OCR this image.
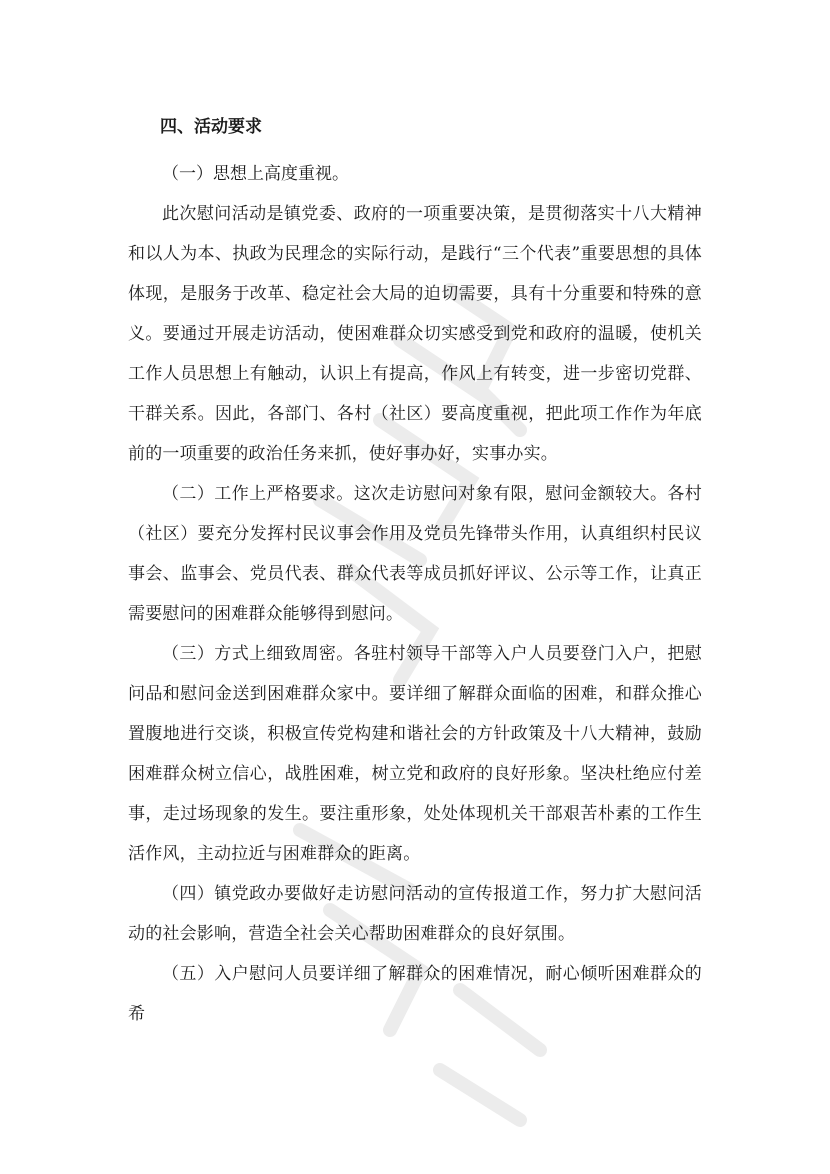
四、活动要求

（一）思想上高度重视。

此次慰问活动是镇党委、政府的一项重要决策，是贯彻落实十八大精神和以人为本、执政为民理念的实际行动，是践行“三个代表”重要思想的具体体现，是服务于改革、稳定社会大局的迫切需要，具有十分重要和特殊的意义。要通过开展走访活动，使困难群众切实感受到党和政府的温暖，使机关工作人员思想上有触动，认识上有提高，作风上有转变，进一步密切党群、干群关系。因此，各部门、各村（社区）要高度重视，把此项工作作为年底前的一项重要的政治任务来抓，使好事办好，实事办实。

（二）工作上严格要求。这次走访慰问对象有限，慰问金额较大。各村（社区）要充分发挥村民议事会作用及党员先锋带头作用，认真组织村民议事会、监事会、党员代表、群众代表等成员抓好评议、公示等工作，让真正需要慰问的困难群众能够得到慰问。

（三）方式上细致周密。各驻村领导干部等入户人员要登门入户，把慰问品和慰问金送到困难群众家中。要详细了解群众面临的困难，和群众推心置腹地进行交谈，积极宣传党构建和谐社会的方针政策及十八大精神，鼓励困难群众树立信心，战胜困难，树立党和政府的良好形象。坚决杜绝应付差事，走过场现象的发生。要注重形象，处处体现机关干部艰苦朴素的工作生活作风，主动拉近与困难群众的距离。

（四）镇党政办要做好走访慰问活动的宣传报道工作，努力扩大慰问活动的社会影响，营造全社会关心帮助困难群众的良好氛围。

（五）入户慰问人员要详细了解群众的困难情况，耐心倾听困难群众的希
